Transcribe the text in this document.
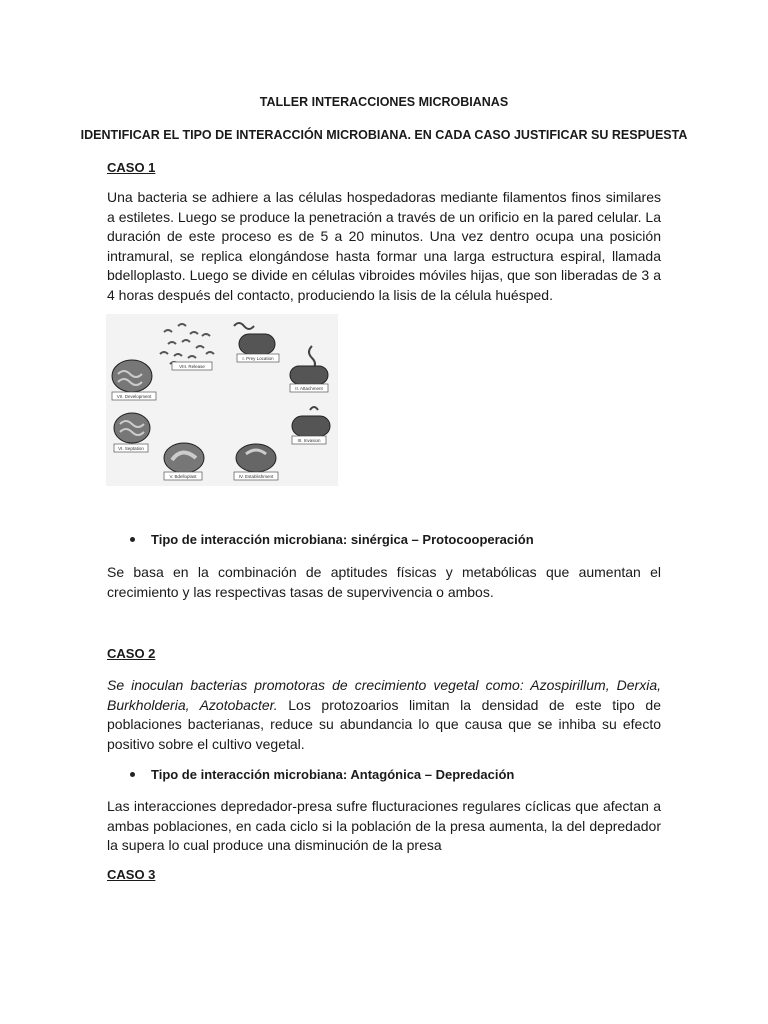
TALLER INTERACCIONES MICROBIANAS
IDENTIFICAR EL TIPO DE INTERACCIÓN MICROBIANA. EN CADA CASO JUSTIFICAR SU RESPUESTA
CASO 1

Una bacteria se adhiere a las células hospedadoras mediante filamentos finos similares a estiletes. Luego se produce la penetración a través de un orificio en la pared celular. La duración de este proceso es de 5 a 20 minutos. Una vez dentro ocupa una posición intramural, se replica elongándose hasta formar una larga estructura espiral, llamada bdelloplasto. Luego se divide en células vibroides móviles hijas, que son liberadas de 3 a 4 horas después del contacto, produciendo la lisis de la célula huésped.

VIII. Release
I. Prey Location
II. Attachment
III. Invasion
IV. Establishment
V. Bdelloplast
VI. Septation
VII. Development
Tipo de interacción microbiana: sinérgica – Protocooperación

Se basa en la combinación de aptitudes físicas y metabólicas que aumentan el crecimiento y las respectivas tasas de supervivencia o ambos.

CASO 2

Se inoculan bacterias promotoras de crecimiento vegetal como: Azospirillum, Derxia, Burkholderia, Azotobacter. Los protozoarios limitan la densidad de este tipo de poblaciones bacterianas, reduce su abundancia lo que causa que se inhiba su efecto positivo sobre el cultivo vegetal.

Tipo de interacción microbiana: Antagónica – Depredación

Las interacciones depredador-presa sufre flucturaciones regulares cíclicas que afectan a ambas poblaciones, en cada ciclo si la población de la presa aumenta, la del depredador la supera lo cual produce una disminución de la presa

CASO 3
